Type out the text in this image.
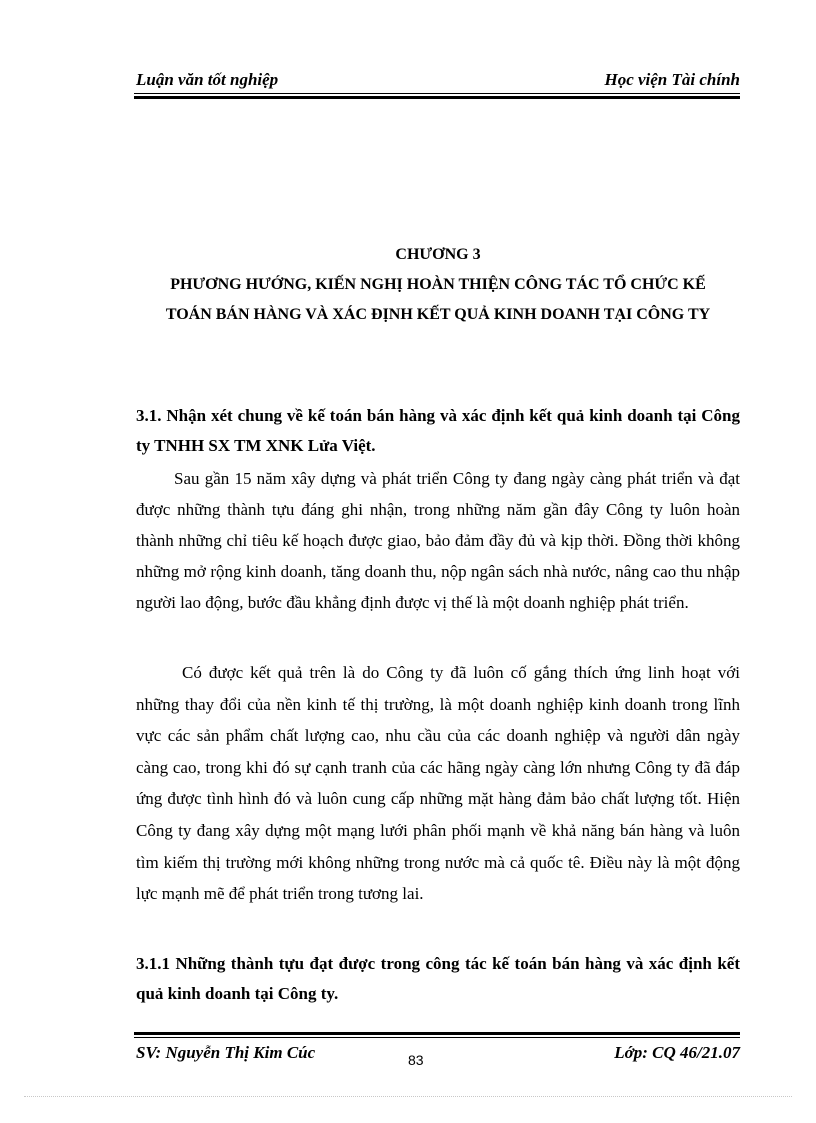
Luận văn tốt nghiệp	Học viện Tài chính
CHƯƠNG 3
PHƯƠNG HƯỚNG, KIẾN NGHỊ HOÀN THIỆN CÔNG TÁC TỔ CHỨC KẾ TOÁN BÁN HÀNG VÀ XÁC ĐỊNH KẾT QUẢ KINH DOANH TẠI CÔNG TY
3.1. Nhận xét chung về kế toán bán hàng và xác định kết quả kinh doanh tại Công ty TNHH SX TM XNK Lửa Việt.
Sau gần 15 năm xây dựng và phát triển Công ty đang ngày càng phát triển và đạt được những thành tựu đáng ghi nhận, trong những năm gần đây Công ty luôn hoàn thành những chỉ tiêu kế hoạch được giao, bảo đảm đầy đủ và kịp thời. Đồng thời không những mở rộng kinh doanh, tăng doanh thu, nộp ngân sách nhà nước, nâng cao thu nhập người lao động, bước đầu khẳng định được vị thế là một doanh nghiệp phát triển.
Có được kết quả trên là do Công ty đã luôn cố gắng thích ứng linh hoạt với những thay đổi của nền kinh tế thị trường, là một doanh nghiệp kinh doanh trong lĩnh vực các sản phẩm chất lượng cao, nhu cầu của các doanh nghiệp và người dân ngày càng cao, trong khi đó sự cạnh tranh của các hãng ngày càng lớn nhưng Công ty đã đáp ứng được tình hình đó và luôn cung cấp những mặt hàng đảm bảo chất lượng tốt. Hiện Công ty đang xây dựng một mạng lưới phân phối mạnh về khả năng bán hàng và luôn tìm kiếm thị trường mới không những trong nước mà cả quốc tê. Điều này là một động lực mạnh mẽ để phát triển trong tương lai.
3.1.1 Những thành tựu đạt được trong công tác kế toán bán hàng và xác định kết quả kinh doanh tại Công ty.
SV: Nguyễn Thị Kim Cúc	Lớp: CQ 46/21.07
83
